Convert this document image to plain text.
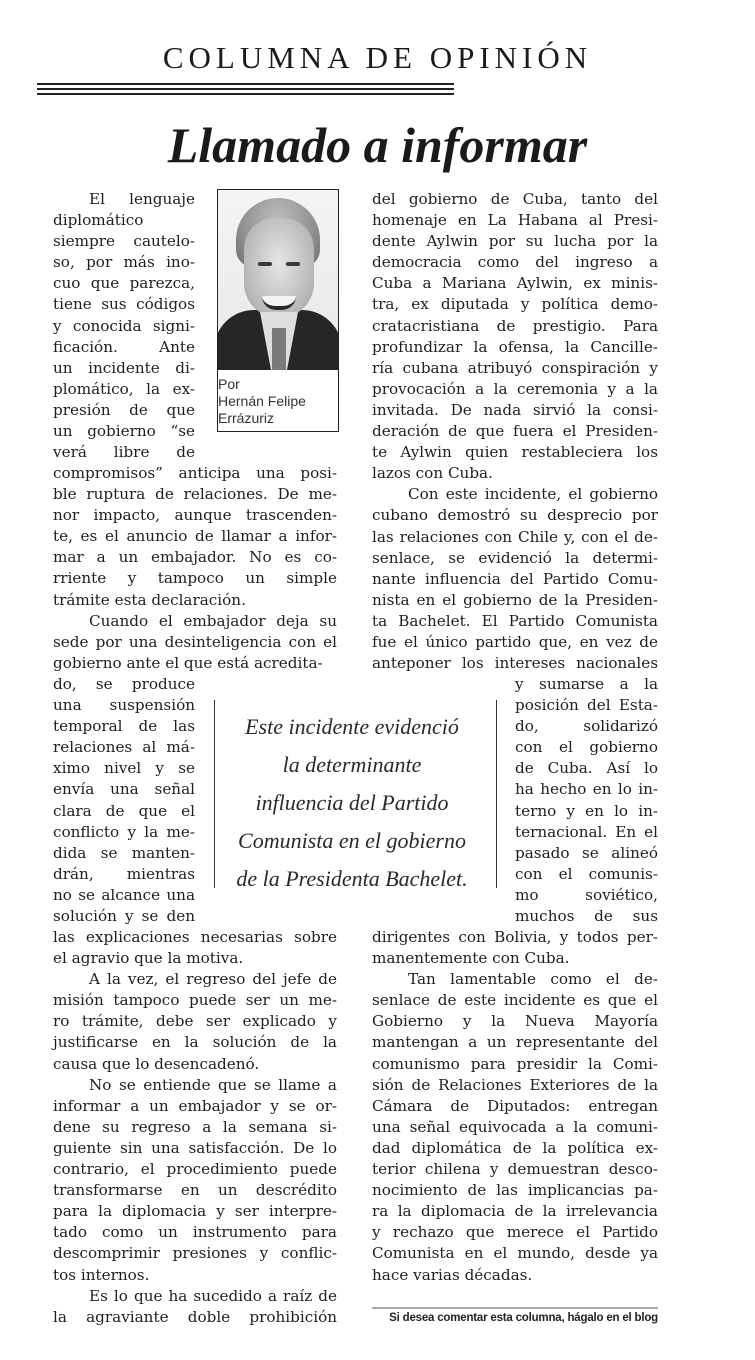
COLUMNA DE OPINIÓN
Llamado a informar
El lenguaje
diplomático
siempre cautelo-
so, por más ino-
cuo que parezca,
tiene sus códigos
y conocida signi-
ficación. Ante
un incidente di-
plomático, la ex-
presión de que
un gobierno “se
verá libre de
Por
Hernán Felipe
Errázuriz
compromisos” anticipa una posi-
ble ruptura de relaciones. De me-
nor impacto, aunque trascenden-
te, es el anuncio de llamar a infor-
mar a un embajador. No es co-
rriente y tampoco un simple
trámite esta declaración.
Cuando el embajador deja su
sede por una desinteligencia con el
gobierno ante el que está acredita-
do, se produce
una suspensión
temporal de las
relaciones al má-
ximo nivel y se
envía una señal
clara de que el
conflicto y la me-
dida se manten-
drán, mientras
no se alcance una
solución y se den
las explicaciones necesarias sobre
el agravio que la motiva.
A la vez, el regreso del jefe de
misión tampoco puede ser un me-
ro trámite, debe ser explicado y
justificarse en la solución de la
causa que lo desencadenó.
No se entiende que se llame a
informar a un embajador y se or-
dene su regreso a la semana si-
guiente sin una satisfacción. De lo
contrario, el procedimiento puede
transformarse en un descrédito
para la diplomacia y ser interpre-
tado como un instrumento para
descomprimir presiones y conflic-
tos internos.
Es lo que ha sucedido a raíz de
la agraviante doble prohibición
Este incidente evidenció
la determinante
influencia del Partido
Comunista en el gobierno
de la Presidenta Bachelet.
del gobierno de Cuba, tanto del
homenaje en La Habana al Presi-
dente Aylwin por su lucha por la
democracia como del ingreso a
Cuba a Mariana Aylwin, ex minis-
tra, ex diputada y política demo-
cratacristiana de prestigio. Para
profundizar la ofensa, la Cancille-
ría cubana atribuyó conspiración y
provocación a la ceremonia y a la
invitada. De nada sirvió la consi-
deración de que fuera el Presiden-
te Aylwin quien restableciera los
lazos con Cuba.
Con este incidente, el gobierno
cubano demostró su desprecio por
las relaciones con Chile y, con el de-
senlace, se evidenció la determi-
nante influencia del Partido Comu-
nista en el gobierno de la Presiden-
ta Bachelet. El Partido Comunista
fue el único partido que, en vez de
anteponer los intereses nacionales
y sumarse a la
posición del Esta-
do, solidarizó
con el gobierno
de Cuba. Así lo
ha hecho en lo in-
terno y en lo in-
ternacional. En el
pasado se alineó
con el comunis-
mo soviético,
muchos de sus
dirigentes con Bolivia, y todos per-
manentemente con Cuba.
Tan lamentable como el de-
senlace de este incidente es que el
Gobierno y la Nueva Mayoría
mantengan a un representante del
comunismo para presidir la Comi-
sión de Relaciones Exteriores de la
Cámara de Diputados: entregan
una señal equivocada a la comuni-
dad diplomática de la política ex-
terior chilena y demuestran desco-
nocimiento de las implicancias pa-
ra la diplomacia de la irrelevancia
y rechazo que merece el Partido
Comunista en el mundo, desde ya
hace varias décadas.
Si desea comentar esta columna, hágalo en el blog
